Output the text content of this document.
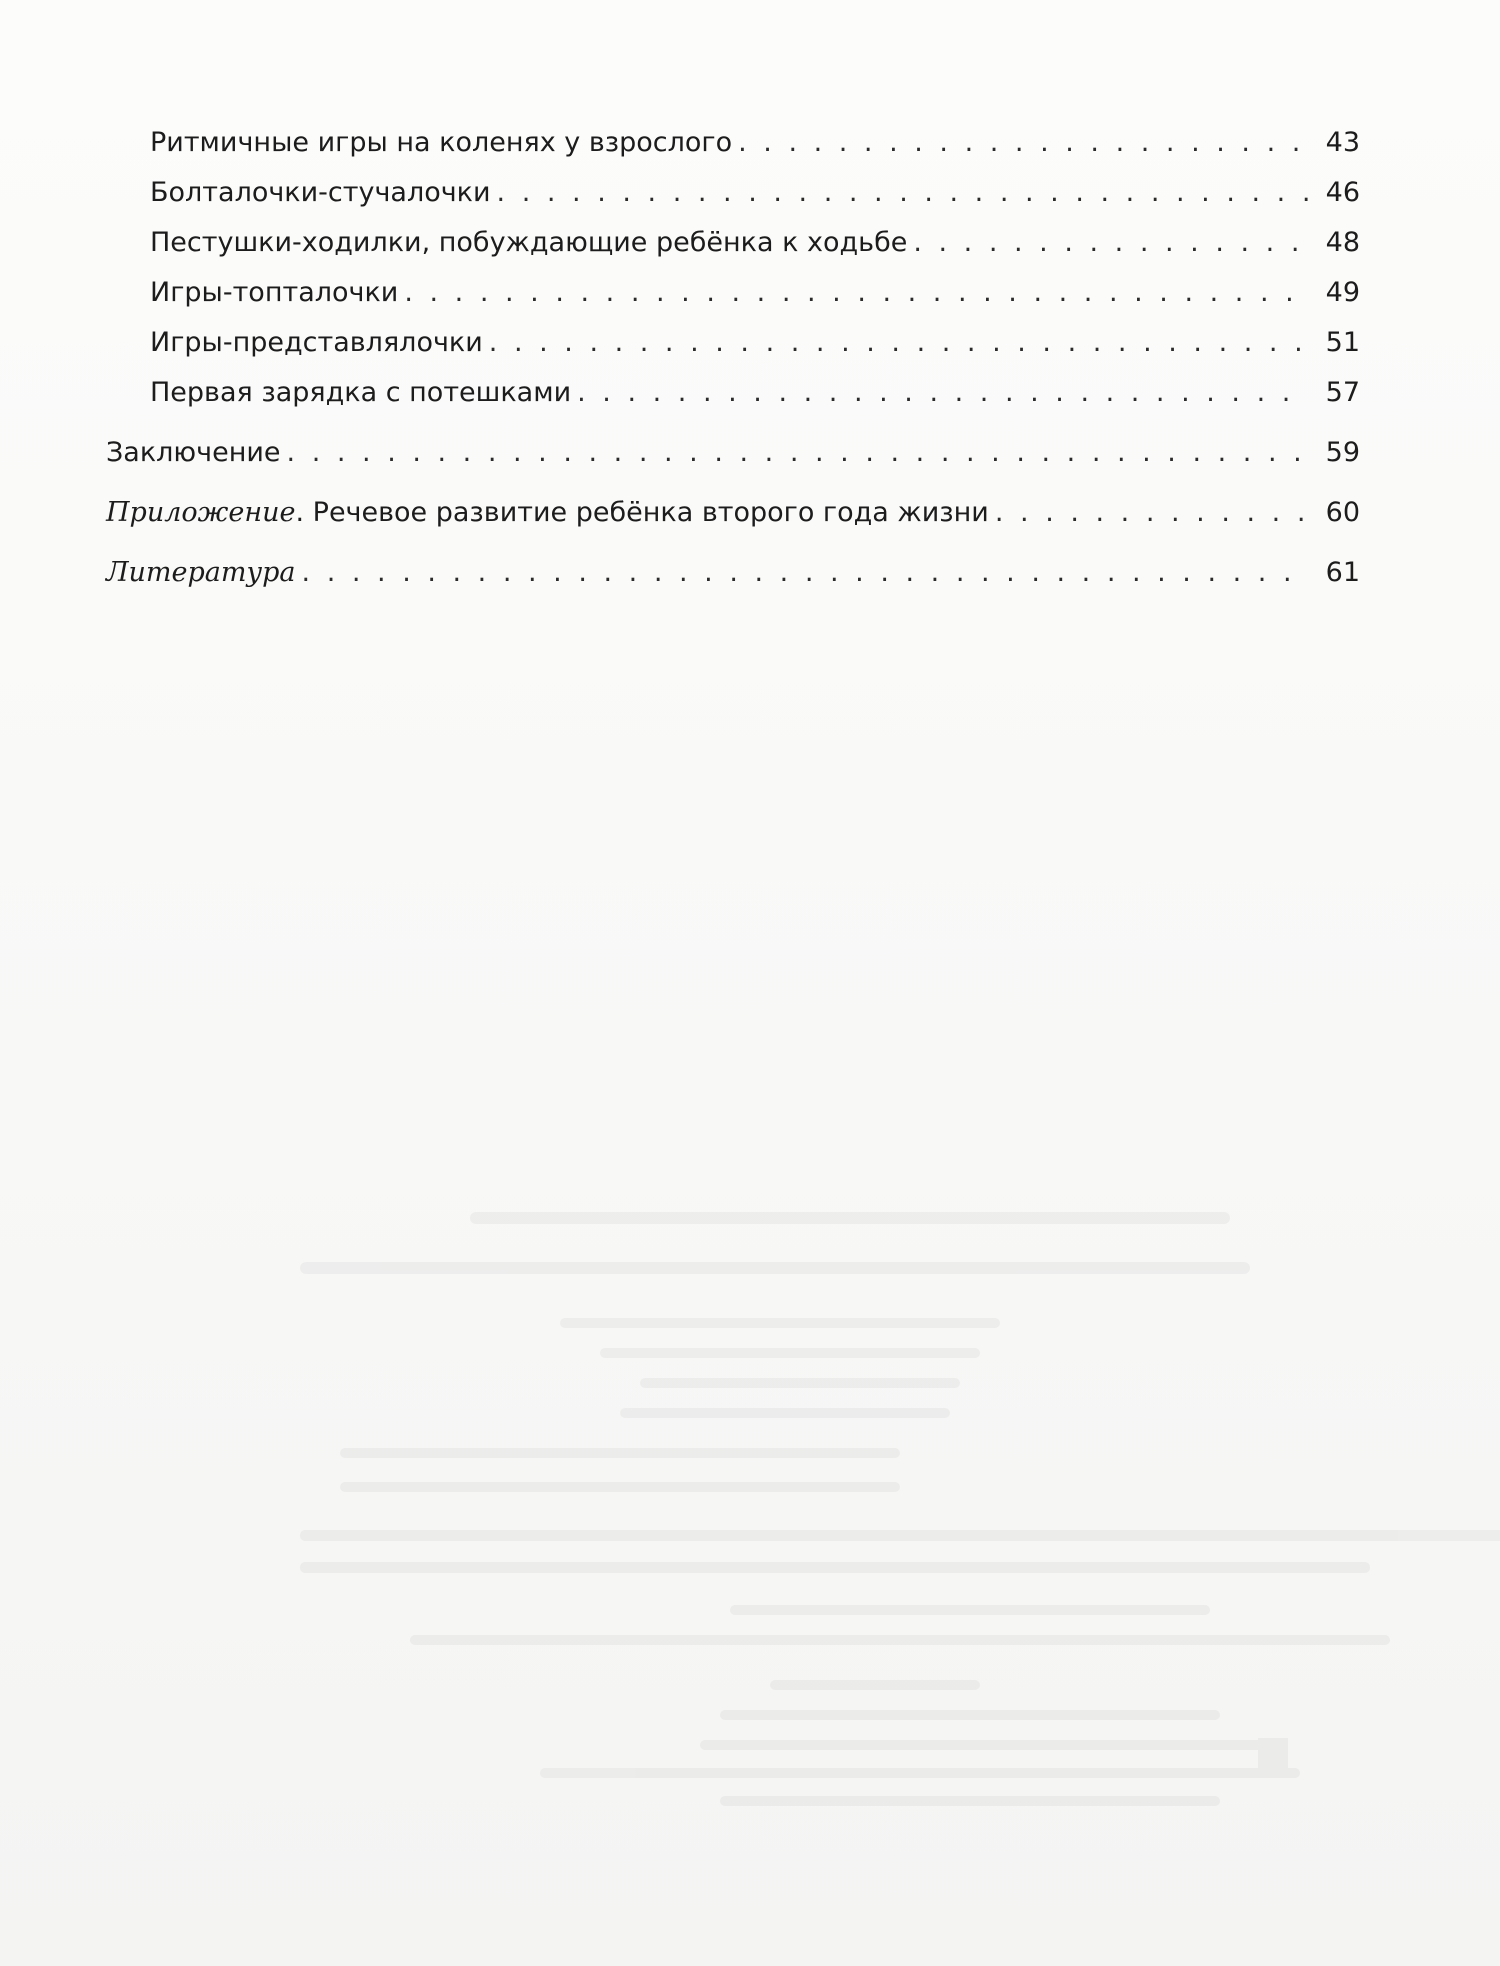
Ритмичные игры на коленях у взрослого . . .	43
Болталочки-стучалочки . . .	46
Пестушки-ходилки, побуждающие ребёнка к ходьбе . . .	48
Игры-топталочки . . .	49
Игры-представлялочки . . .	51
Первая зарядка с потешками . . .	57
Заключение . . .	59
Приложение. Речевое развитие ребёнка второго года жизни . . .	60
Литература . . .	61
